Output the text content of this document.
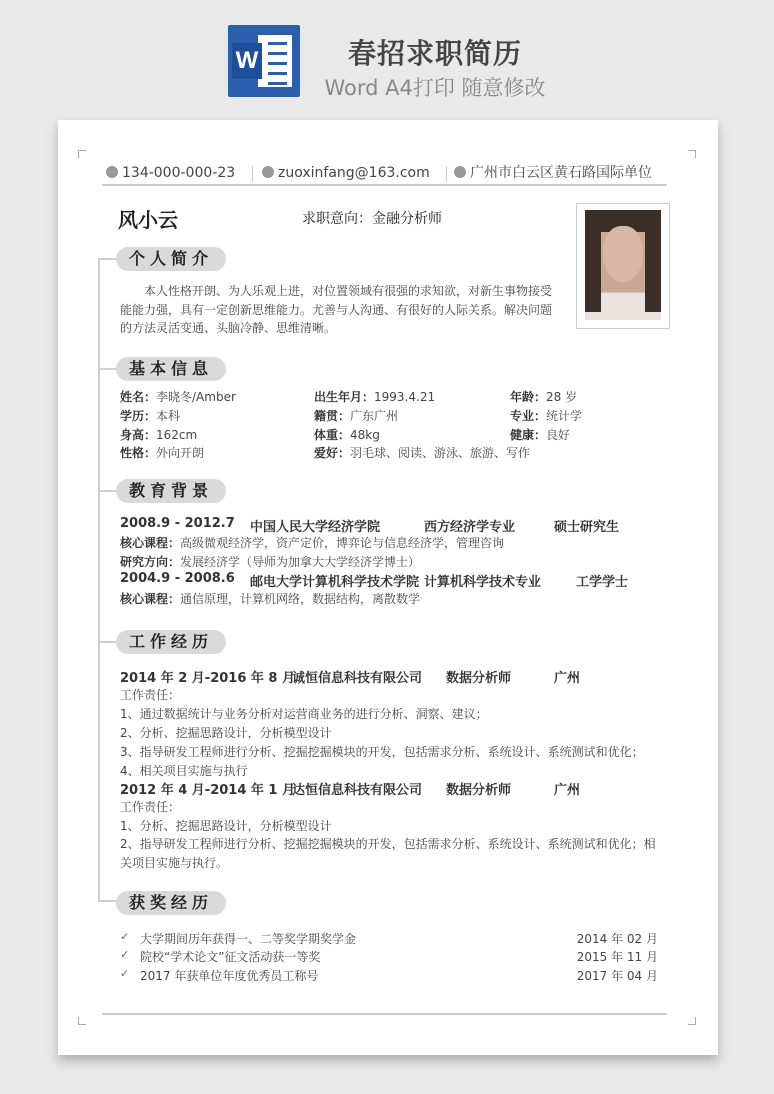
W	春招求职简历
Word A4打印 随意修改

134-000-000-23	zuoxinfang@163.com	广州市白云区黄石路国际单位
风小云	求职意向：金融分析师
个人简介
本人性格开朗、为人乐观上进，对位置领域有很强的求知欲，对新生事物接受能能力强，具有一定创新思维能力。尤善与人沟通、有很好的人际关系。解决问题的方法灵活变通、头脑冷静、思维清晰。
基本信息
姓名：李晓冬/Amber	出生年月：1993.4.21	年龄：28 岁
学历：本科	籍贯：广东广州	专业：统计学
身高：162cm	体重：48kg	健康：良好
性格：外向开朗	爱好：羽毛球、阅读、游泳、旅游、写作
教育背景
2008.9 - 2012.7 中国人民大学经济学院	西方经济学专业	硕士研究生
核心课程：高级微观经济学，资产定价，博弈论与信息经济学，管理咨询
研究方向：发展经济学（导师为加拿大大学经济学博士）
2004.9 - 2008.6 邮电大学计算机科学技术学院 计算机科学技术专业	工学学士
核心课程：通信原理，计算机网络，数据结构，离散数学
工作经历
2014 年 2 月-2016 年 8 月
诚恒信息科技有限公司 数据分析师	广州
工作责任：
1、通过数据统计与业务分析对运营商业务的进行分析、洞察、建议；
2、分析、挖掘思路设计，分析模型设计
3、指导研发工程师进行分析、挖掘挖掘模块的开发，包括需求分析、系统设计、系统测试和优化；
4、相关项目实施与执行
2012 年 4 月-2014 年 1 月
达恒信息科技有限公司 数据分析师	广州
工作责任：
1、分析、挖掘思路设计，分析模型设计
2、指导研发工程师进行分析、挖掘挖掘模块的开发，包括需求分析、系统设计、系统测试和优化；相关项目实施与执行。
获奖经历
✓ 大学期间历年获得一、二等奖学期奖学金	2014 年 02 月
✓ 院校“学术论文”征文活动获一等奖	2015 年 11 月
✓ 2017 年获单位年度优秀员工称号	2017 年 04 月
